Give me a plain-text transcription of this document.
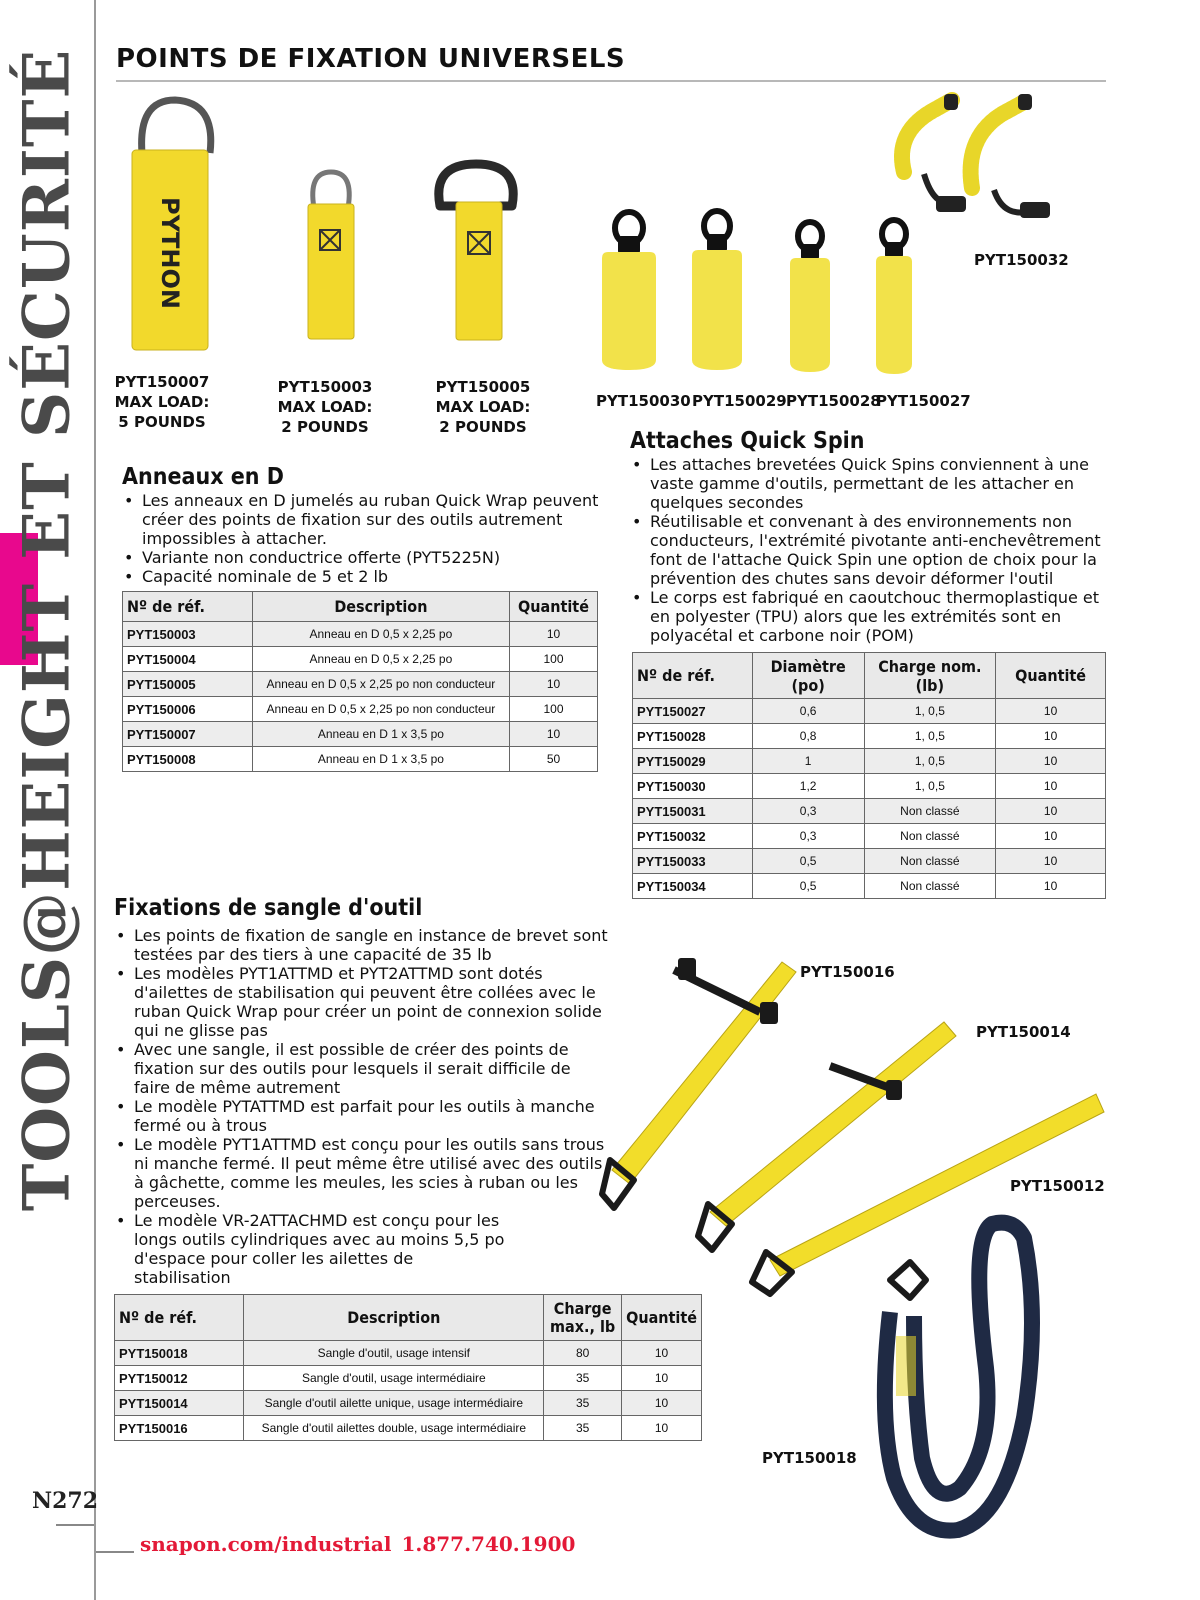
TOOLS@HEIGHT ET SÉCURITÉ
N272
snapon.com/industrial 1.877.740.1900
POINTS DE FIXATION UNIVERSELS
PYTHON
PYT150007
MAX LOAD:
5 POUNDS
PYT150003
MAX LOAD:
2 POUNDS
PYT150005
MAX LOAD:
2 POUNDS
PYT150032
PYT150030 PYT150029 PYT150028
PYT150027
Anneaux en D
• Les anneaux en D jumelés au ruban Quick Wrap peuvent créer des points de fixation sur des outils autrement impossibles à attacher.
• Variante non conductrice offerte (PYT5225N)
• Capacité nominale de 5 et 2 lb
Nº de réf.	Description	Quantité
PYT150003	Anneau en D 0,5 x 2,25 po	10
PYT150004	Anneau en D 0,5 x 2,25 po	100
PYT150005	Anneau en D 0,5 x 2,25 po non conducteur	10
PYT150006	Anneau en D 0,5 x 2,25 po non conducteur	100
PYT150007	Anneau en D 1 x 3,5 po	10
PYT150008	Anneau en D 1 x 3,5 po	50
Attaches Quick Spin
• Les attaches brevetées Quick Spins conviennent à une vaste gamme d'outils, permettant de les attacher en quelques secondes
• Réutilisable et convenant à des environnements non conducteurs, l'extrémité pivotante anti-enchevêtrement font de l'attache Quick Spin une option de choix pour la prévention des chutes sans devoir déformer l'outil
• Le corps est fabriqué en caoutchouc thermoplastique et en polyester (TPU) alors que les extrémités sont en polyacétal et carbone noir (POM)
Nº de réf.	Diamètre (po)	Charge nom. (lb)	Quantité
PYT150027	0,6	1, 0,5	10
PYT150028	0,8	1, 0,5	10
PYT150029	1	1, 0,5	10
PYT150030	1,2	1, 0,5	10
PYT150031	0,3	Non classé	10
PYT150032	0,3	Non classé	10
PYT150033	0,5	Non classé	10
PYT150034	0,5	Non classé	10
Fixations de sangle d'outil
• Les points de fixation de sangle en instance de brevet sont testées par des tiers à une capacité de 35 lb
• Les modèles PYT1ATTMD et PYT2ATTMD sont dotés d'ailettes de stabilisation qui peuvent être collées avec le ruban Quick Wrap pour créer un point de connexion solide qui ne glisse pas
• Avec une sangle, il est possible de créer des points de fixation sur des outils pour lesquels il serait difficile de faire de même autrement
• Le modèle PYTATTMD est parfait pour les outils à manche fermé ou à trous
• Le modèle PYT1ATTMD est conçu pour les outils sans trous ni manche fermé. Il peut même être utilisé avec des outils à gâchette, comme les meules, les scies à ruban ou les perceuses.
• Le modèle VR-2ATTACHMD est conçu pour les longs outils cylindriques avec au moins 5,5 po d'espace pour coller les ailettes de stabilisation
Nº de réf.	Description	Charge max., lb	Quantité
PYT150018	Sangle d'outil, usage intensif	80	10
PYT150012	Sangle d'outil, usage intermédiaire	35	10
PYT150014	Sangle d'outil ailette unique, usage intermédiaire	35	10
PYT150016	Sangle d'outil ailettes double, usage intermédiaire	35	10
PYT150016
PYT150014
PYT150012
PYT150018
